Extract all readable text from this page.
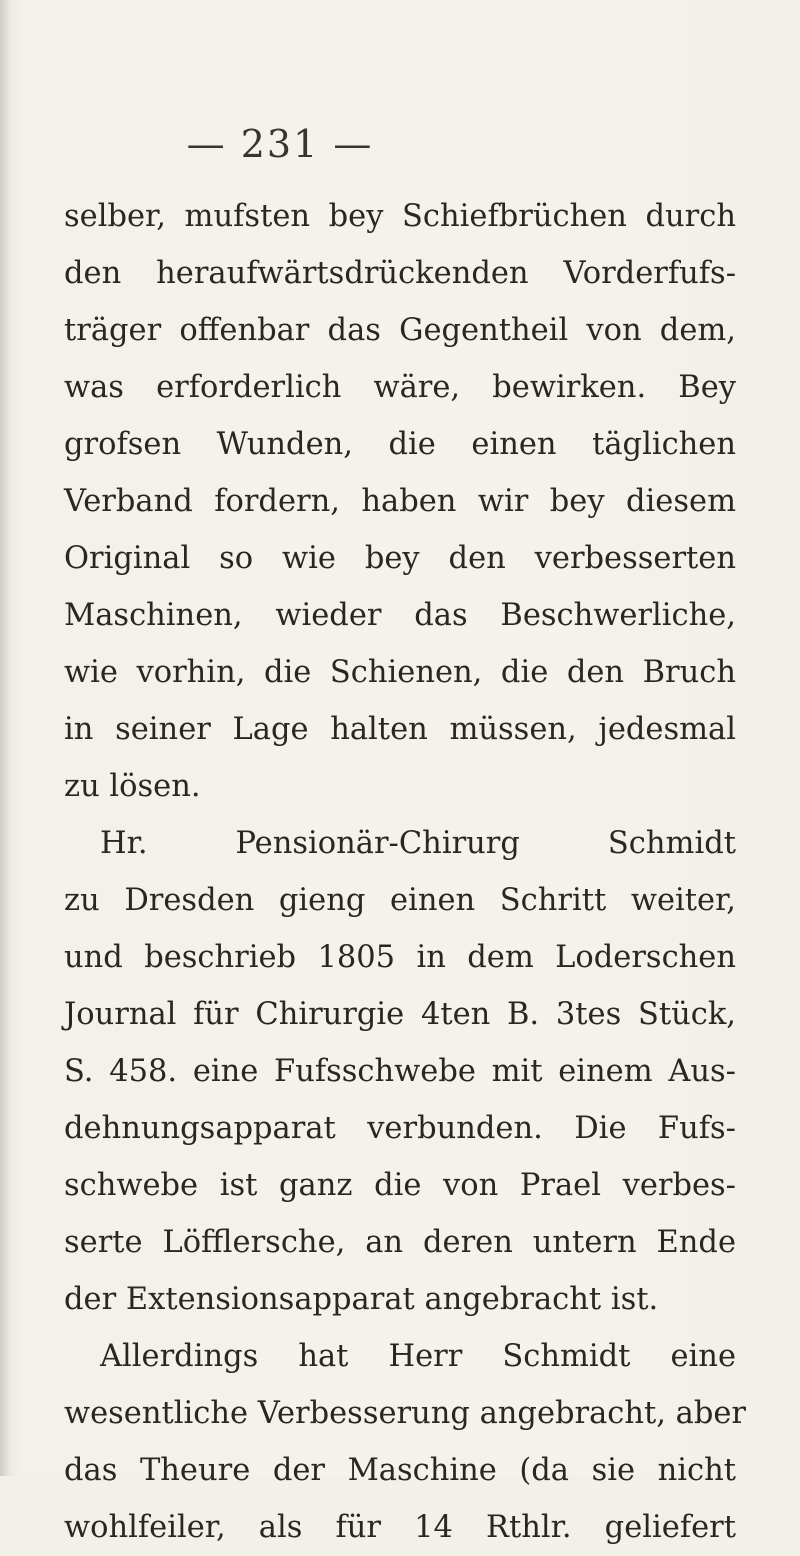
— 231 —
selber, mufsten bey Schiefbrüchen durch
den heraufwärtsdrückenden Vorderfufs-
träger offenbar das Gegentheil von dem,
was erforderlich wäre, bewirken. Bey
grofsen Wunden, die einen täglichen
Verband fordern, haben wir bey diesem
Original so wie bey den verbesserten
Maschinen, wieder das Beschwerliche,
wie vorhin, die Schienen, die den Bruch
in seiner Lage halten müssen, jedesmal
zu lösen.
Hr. Pensionär-Chirurg Schmidt
zu Dresden gieng einen Schritt weiter,
und beschrieb 1805 in dem Loderschen
Journal für Chirurgie 4ten B. 3tes Stück,
S. 458. eine Fufsschwebe mit einem Aus-
dehnungsapparat verbunden. Die Fufs-
schwebe ist ganz die von Prael verbes-
serte Löfflersche, an deren untern Ende
der Extensionsapparat angebracht ist.
Allerdings hat Herr Schmidt eine
wesentliche Verbesserung angebracht, aber
das Theure der Maschine (da sie nicht
wohlfeiler, als für 14 Rthlr. geliefert
